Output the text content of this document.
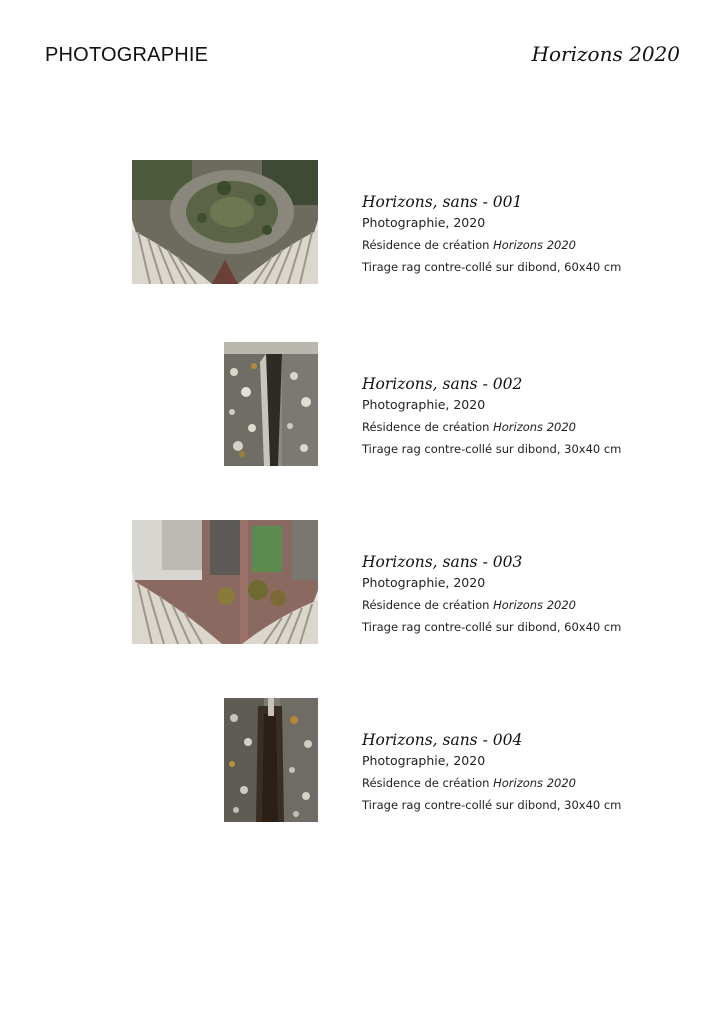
PHOTOGRAPHIE	Horizons 2020
Horizons, sans - 001
Photographie, 2020
Résidence de création Horizons 2020
Tirage rag contre-collé sur dibond, 60x40 cm
Horizons, sans - 002
Photographie, 2020
Résidence de création Horizons 2020
Tirage rag contre-collé sur dibond, 30x40 cm
Horizons, sans - 003
Photographie, 2020
Résidence de création Horizons 2020
Tirage rag contre-collé sur dibond, 60x40 cm
Horizons, sans - 004
Photographie, 2020
Résidence de création Horizons 2020
Tirage rag contre-collé sur dibond, 30x40 cm
